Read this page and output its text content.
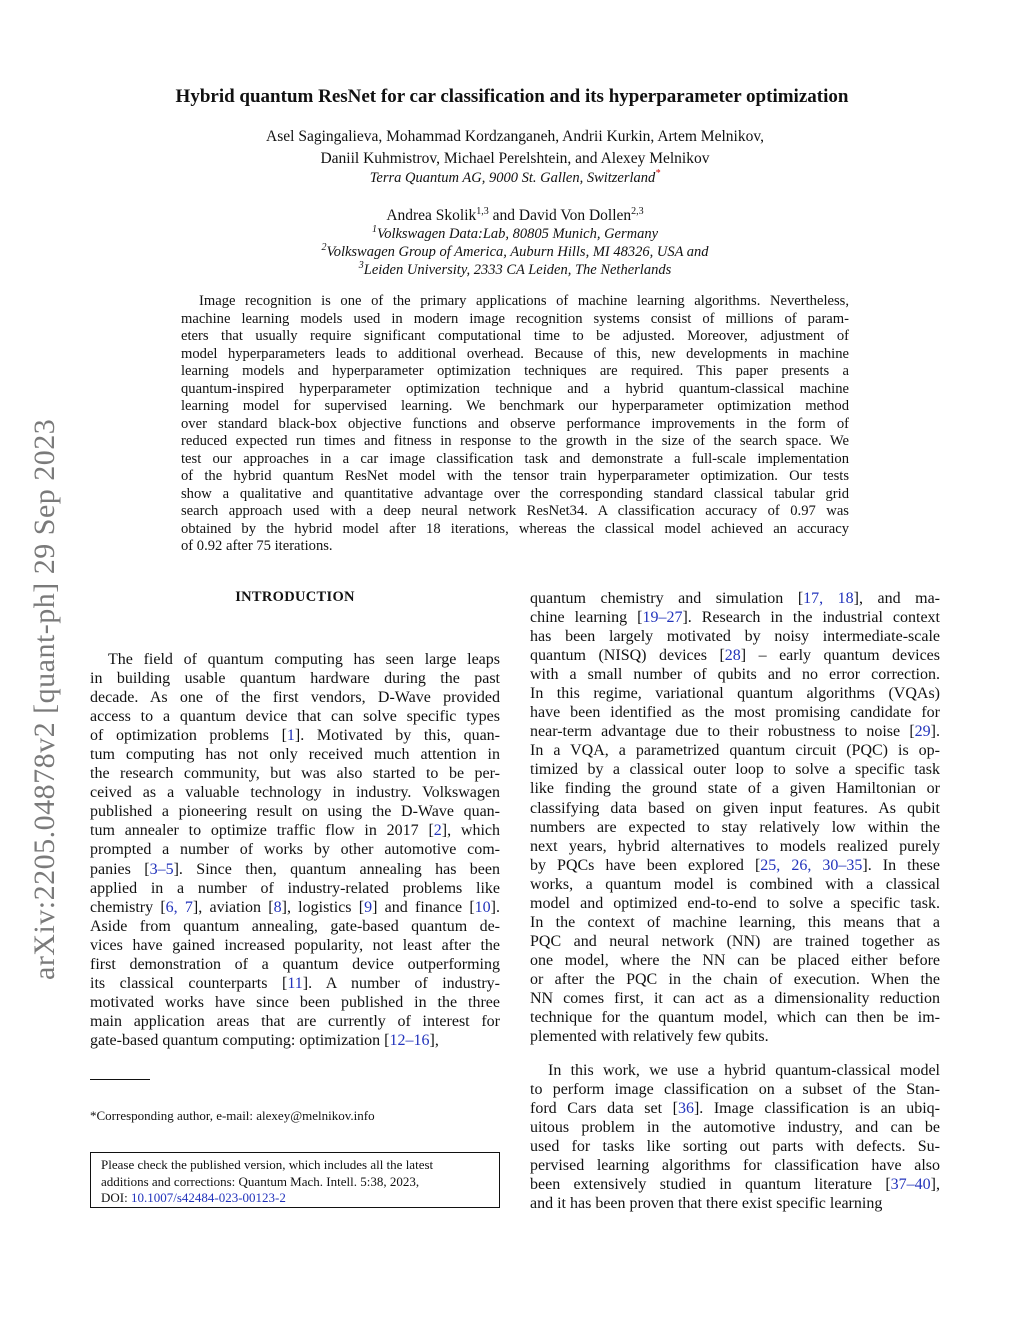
arXiv:2205.04878v2 [quant-ph] 29 Sep 2023
Hybrid quantum ResNet for car classification and its hyperparameter optimization
Asel Sagingalieva, Mohammad Kordzanganeh, Andrii Kurkin, Artem Melnikov,
Daniil Kuhmistrov, Michael Perelshtein, and Alexey Melnikov
Terra Quantum AG, 9000 St. Gallen, Switzerland*
Andrea Skolik$^{1,3}$ and David Von Dollen$^{2,3}$
$^1$Volkswagen Data:Lab, 80805 Munich, Germany
$^2$Volkswagen Group of America, Auburn Hills, MI 48326, USA and
$^3$Leiden University, 2333 CA Leiden, The Netherlands
Image recognition is one of the primary applications of machine learning algorithms. Nevertheless,
machine learning models used in modern image recognition systems consist of millions of param-
eters that usually require significant computational time to be adjusted. Moreover, adjustment of
model hyperparameters leads to additional overhead. Because of this, new developments in machine
learning models and hyperparameter optimization techniques are required. This paper presents a
quantum-inspired hyperparameter optimization technique and a hybrid quantum-classical machine
learning model for supervised learning. We benchmark our hyperparameter optimization method
over standard black-box objective functions and observe performance improvements in the form of
reduced expected run times and fitness in response to the growth in the size of the search space. We
test our approaches in a car image classification task and demonstrate a full-scale implementation
of the hybrid quantum ResNet model with the tensor train hyperparameter optimization. Our tests
show a qualitative and quantitative advantage over the corresponding standard classical tabular grid
search approach used with a deep neural network ResNet34. A classification accuracy of 0.97 was
obtained by the hybrid model after 18 iterations, whereas the classical model achieved an accuracy
of 0.92 after 75 iterations.
INTRODUCTION
The field of quantum computing has seen large leaps
in building usable quantum hardware during the past
decade. As one of the first vendors, D-Wave provided
access to a quantum device that can solve specific types
of optimization problems [1]. Motivated by this, quan-
tum computing has not only received much attention in
the research community, but was also started to be per-
ceived as a valuable technology in industry. Volkswagen
published a pioneering result on using the D-Wave quan-
tum annealer to optimize traffic flow in 2017 [2], which
prompted a number of works by other automotive com-
panies [3–5]. Since then, quantum annealing has been
applied in a number of industry-related problems like
chemistry [6, 7], aviation [8], logistics [9] and finance [10].
Aside from quantum annealing, gate-based quantum de-
vices have gained increased popularity, not least after the
first demonstration of a quantum device outperforming
its classical counterparts [11]. A number of industry-
motivated works have since been published in the three
main application areas that are currently of interest for
gate-based quantum computing: optimization [12–16],
quantum chemistry and simulation [17, 18], and ma-
chine learning [19–27]. Research in the industrial context
has been largely motivated by noisy intermediate-scale
quantum (NISQ) devices [28] – early quantum devices
with a small number of qubits and no error correction.
In this regime, variational quantum algorithms (VQAs)
have been identified as the most promising candidate for
near-term advantage due to their robustness to noise [29].
In a VQA, a parametrized quantum circuit (PQC) is op-
timized by a classical outer loop to solve a specific task
like finding the ground state of a given Hamiltonian or
classifying data based on given input features. As qubit
numbers are expected to stay relatively low within the
next years, hybrid alternatives to models realized purely
by PQCs have been explored [25, 26, 30–35]. In these
works, a quantum model is combined with a classical
model and optimized end-to-end to solve a specific task.
In the context of machine learning, this means that a
PQC and neural network (NN) are trained together as
one model, where the NN can be placed either before
or after the PQC in the chain of execution. When the
NN comes first, it can act as a dimensionality reduction
technique for the quantum model, which can then be im-
plemented with relatively few qubits.
In this work, we use a hybrid quantum-classical model
to perform image classification on a subset of the Stan-
ford Cars data set [36]. Image classification is an ubiq-
uitous problem in the automotive industry, and can be
used for tasks like sorting out parts with defects. Su-
pervised learning algorithms for classification have also
been extensively studied in quantum literature [37–40],
and it has been proven that there exist specific learning
*Corresponding author, e-mail: alexey@melnikov.info
Please check the published version, which includes all the latest
additions and corrections: Quantum Mach. Intell. 5:38, 2023,
DOI: 10.1007/s42484-023-00123-2
